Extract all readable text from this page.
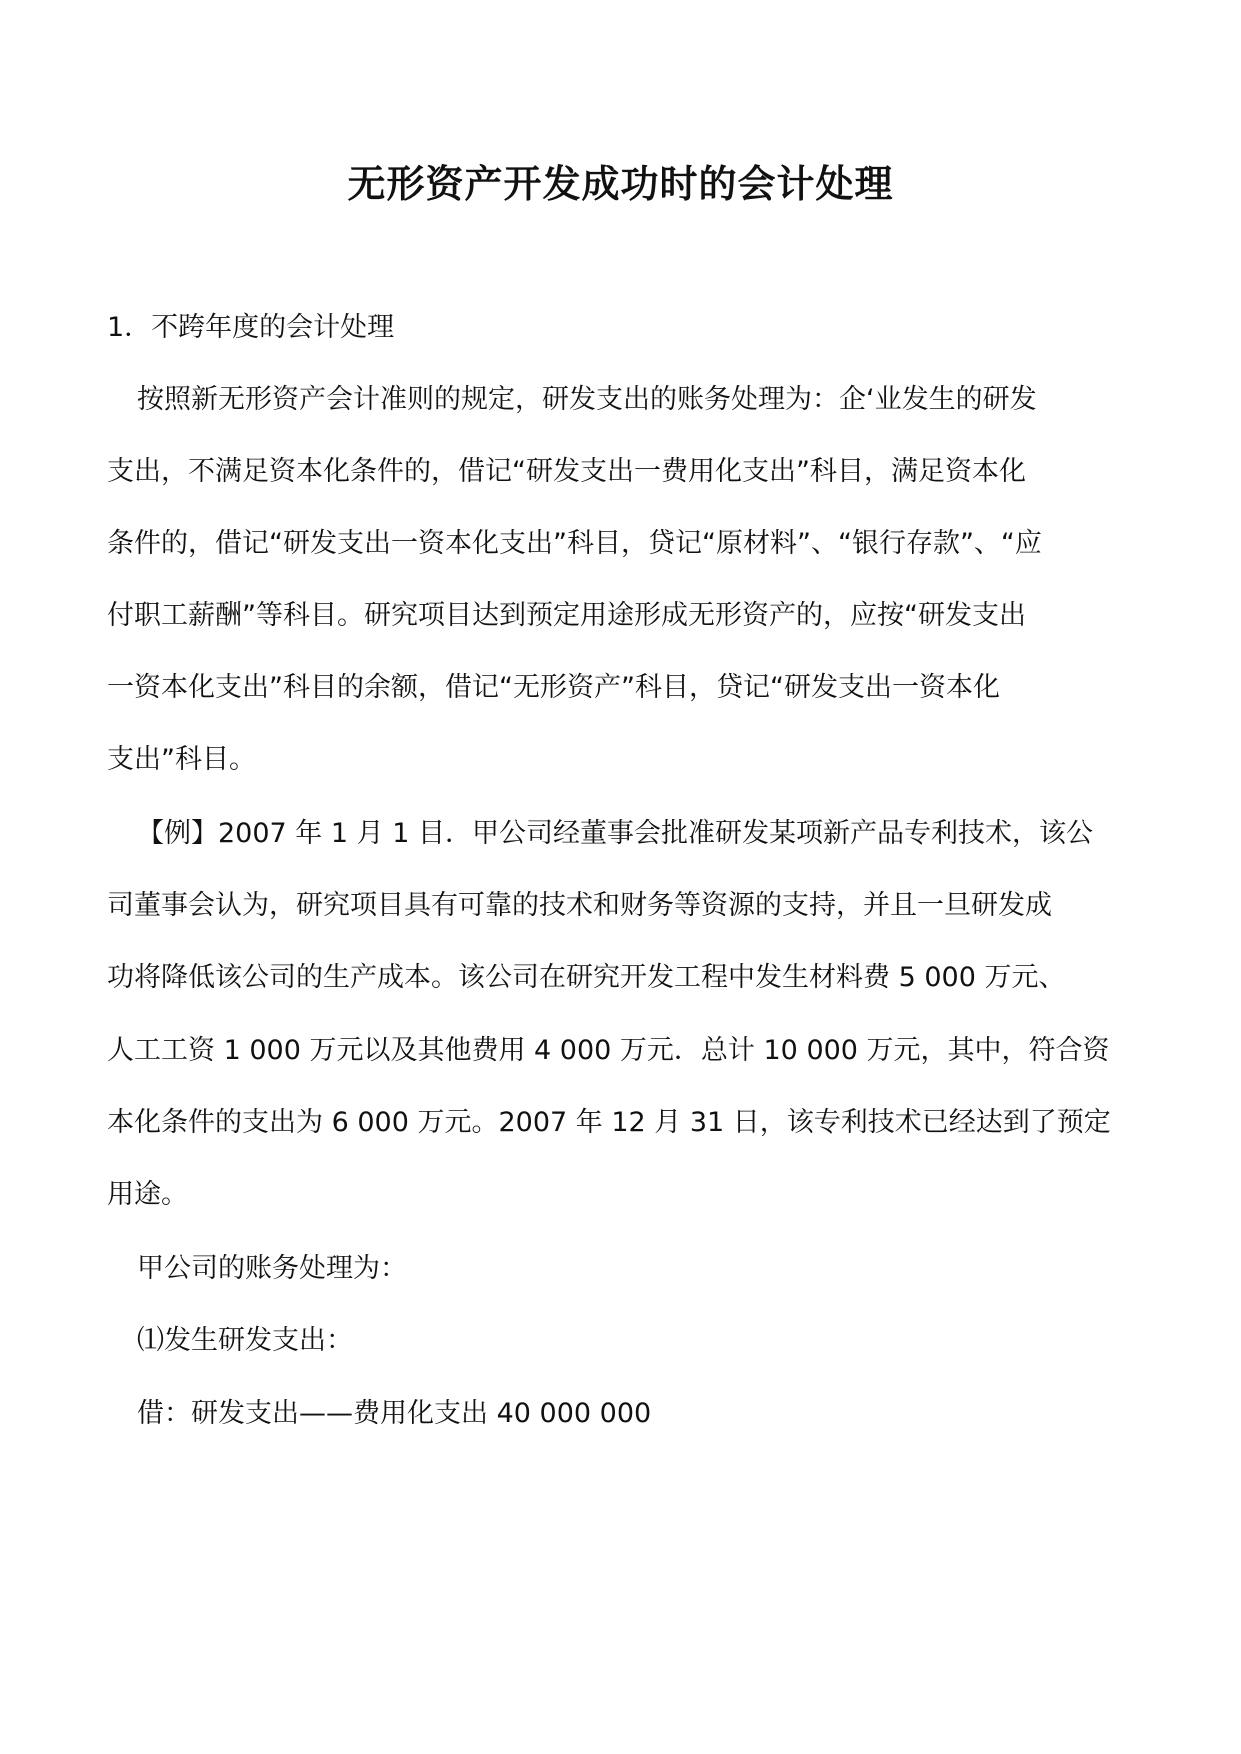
无形资产开发成功时的会计处理
1．不跨年度的会计处理
按照新无形资产会计准则的规定，研发支出的账务处理为：企‘业发生的研发
支出，不满足资本化条件的，借记“研发支出一费用化支出”科目，满足资本化
条件的，借记“研发支出一资本化支出”科目，贷记“原材料”、“银行存款”、“应
付职工薪酬”等科目。研究项目达到预定用途形成无形资产的，应按“研发支出
一资本化支出”科目的余额，借记“无形资产”科目，贷记“研发支出一资本化
支出”科目。
【例】2007 年 1 月 1 目．甲公司经董事会批准研发某项新产品专利技术，该公
司董事会认为，研究项目具有可靠的技术和财务等资源的支持，并且一旦研发成
功将降低该公司的生产成本。该公司在研究开发工程中发生材料费 5 000 万元、
人工工资 1 000 万元以及其他费用 4 000 万元．总计 10 000 万元，其中，符合资
本化条件的支出为 6 000 万元。2007 年 12 月 31 日，该专利技术已经达到了预定
用途。
甲公司的账务处理为：
⑴发生研发支出：
借：研发支出——费用化支出 40 000 000
